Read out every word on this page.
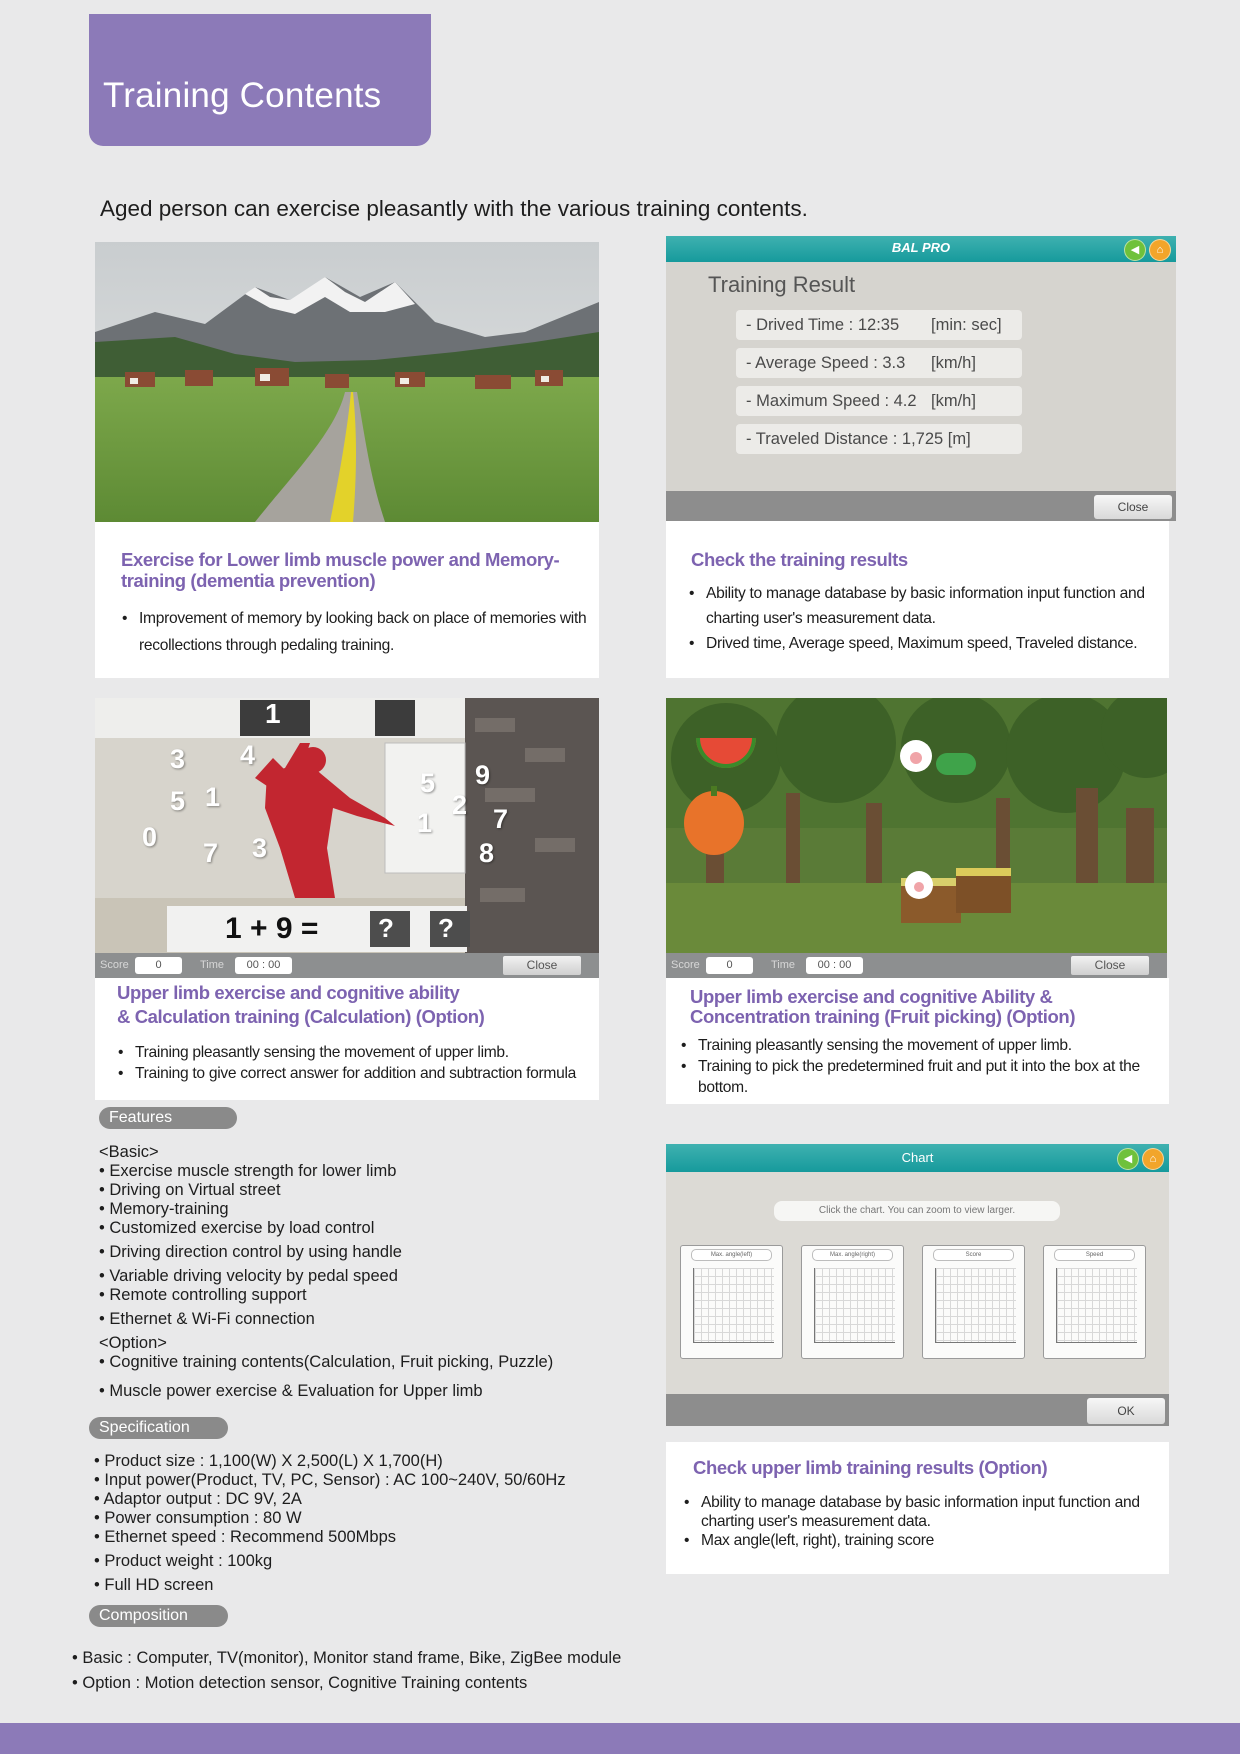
Training Contents
Aged person can exercise pleasantly with the various training contents.
BAL PRO	◀	⌂
Training Result
- Drived Time : 12:35 [min: sec]
- Average Speed : 3.3 [km/h]
- Maximum Speed : 4.2 [km/h]
- Traveled Distance : 1,725 [m]
Close
Exercise for Lower limb muscle power and Memory-training (dementia prevention)
• Improvement of memory by looking back on place of memories with recollections through pedaling training.
Check the training results
• Ability to manage database by basic information input function and charting user's measurement data.
• Drived time, Average speed, Maximum speed, Traveled distance.
1
1 + 9 = ? ?
3 4
5 1
0
7 3
5 9
2
1 7
8
Score	0	Time	00 : 00	Close
Upper limb exercise and cognitive ability
& Calculation training (Calculation) (Option)
• Training pleasantly sensing the movement of upper limb.
• Training to give correct answer for addition and subtraction formula
Score	0	Time	00 : 00	Close
Upper limb exercise and cognitive Ability &
Concentration training (Fruit picking) (Option)
• Training pleasantly sensing the movement of upper limb.
• Training to pick the predetermined fruit and put it into the box at the bottom.
Features
<Basic>
• Exercise muscle strength for lower limb
• Driving on Virtual street
• Memory-training
• Customized exercise by load control
• Driving direction control by using handle
• Variable driving velocity by pedal speed
• Remote controlling support
• Ethernet & Wi-Fi connection
<Option>
• Cognitive training contents(Calculation, Fruit picking, Puzzle)
• Muscle power exercise & Evaluation for Upper limb
Chart	◀	⌂
Click the chart. You can zoom to view larger.
OK
Max. angle(left)	Max. angle(right)	Score	Speed
Check upper limb training results (Option)
• Ability to manage database by basic information input function and charting user's measurement data.
• Max angle(left, right), training score
Specification
• Product size : 1,100(W) X 2,500(L) X 1,700(H)
• Input power(Product, TV, PC, Sensor) : AC 100~240V, 50/60Hz
• Adaptor output : DC 9V, 2A
• Power consumption : 80 W
• Ethernet speed : Recommend 500Mbps
• Product weight : 100kg
• Full HD screen
Composition
• Basic : Computer, TV(monitor), Monitor stand frame, Bike, ZigBee module
• Option : Motion detection sensor, Cognitive Training contents
